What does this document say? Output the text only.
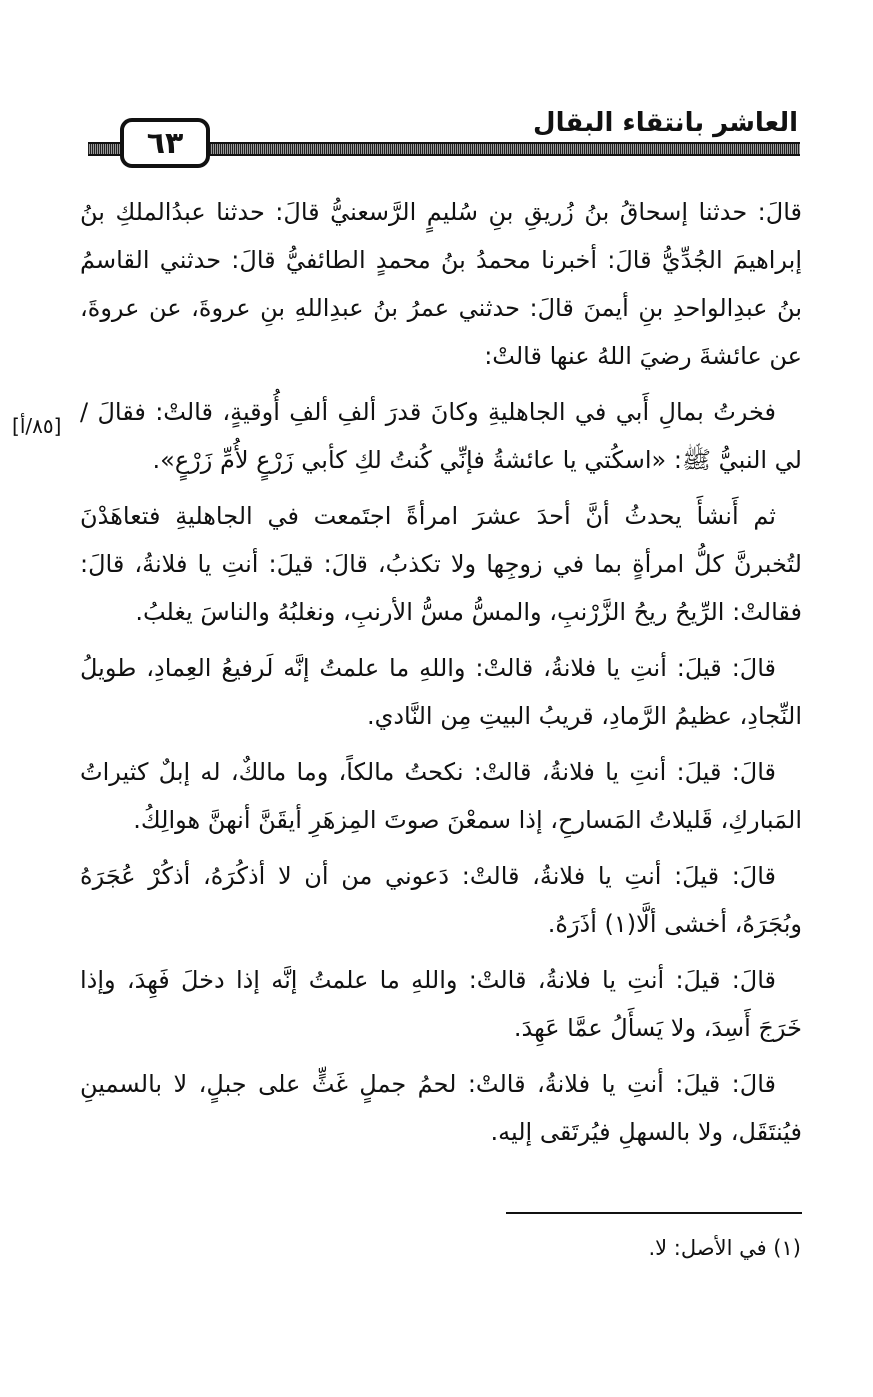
العاشر بانتقاء البقال
٦٣
[٨٥/أ]

قالَ: حدثنا إسحاقُ بنُ زُريقِ بنِ سُليمٍ الرَّسعنيُّ قالَ: حدثنا عبدُالملكِ بنُ إبراهيمَ الجُدِّيُّ قالَ: أخبرنا محمدُ بنُ محمدٍ الطائفيُّ قالَ: حدثني القاسمُ بنُ عبدِالواحدِ بنِ أيمنَ قالَ: حدثني عمرُ بنُ عبدِاللهِ بنِ عروةَ، عن عروةَ، عن عائشةَ رضيَ اللهُ عنها قالتْ:

فخرتُ بمالِ أَبي في الجاهليةِ وكانَ قدرَ ألفِ ألفِ أُوقيةٍ، قالتْ: فقالَ / لي النبيُّ ﷺ: «اسكُتي يا عائشةُ فإنِّي كُنتُ لكِ كأبي زَرْعٍ لأُمِّ زَرْعٍ».

ثم أَنشأَ يحدثُ أنَّ أحدَ عشرَ امرأةً اجتَمعت في الجاهليةِ فتعاهَدْنَ لتُخبرنَّ كلُّ امرأةٍ بما في زوجِها ولا تكذبُ، قالَ: قيلَ: أنتِ يا فلانةُ، قالَ: فقالتْ: الرِّيحُ ريحُ الزَّرْنبِ، والمسُّ مسُّ الأرنبِ، ونغلبُهُ والناسَ يغلبُ.

قالَ: قيلَ: أنتِ يا فلانةُ، قالتْ: واللهِ ما علمتُ إنَّه لَرفيعُ العِمادِ، طويلُ النِّجادِ، عظيمُ الرَّمادِ، قريبُ البيتِ مِن النَّادي.

قالَ: قيلَ: أنتِ يا فلانةُ، قالتْ: نكحتُ مالكاً، وما مالكٌ، له إبلٌ كثيراتُ المَباركِ، قَليلاتُ المَسارحِ، إذا سمعْنَ صوتَ المِزهَرِ أيقَنَّ أنهنَّ هوالِكُ.

قالَ: قيلَ: أنتِ يا فلانةُ، قالتْ: دَعوني من أن لا أذكُرَهُ، أذكُرْ عُجَرَهُ وبُجَرَهُ، أخشى ألَّا(١) أذَرَهُ.

قالَ: قيلَ: أنتِ يا فلانةُ، قالتْ: واللهِ ما علمتُ إنَّه إذا دخلَ فَهِدَ، وإذا خَرَجَ أَسِدَ، ولا يَسأَلُ عمَّا عَهِدَ.

قالَ: قيلَ: أنتِ يا فلانةُ، قالتْ: لحمُ جملٍ غَثٍّ على جبلٍ، لا بالسمينِ فيُنتَقَل، ولا بالسهلِ فيُرتَقى إليه.

(١) في الأصل: لا.
